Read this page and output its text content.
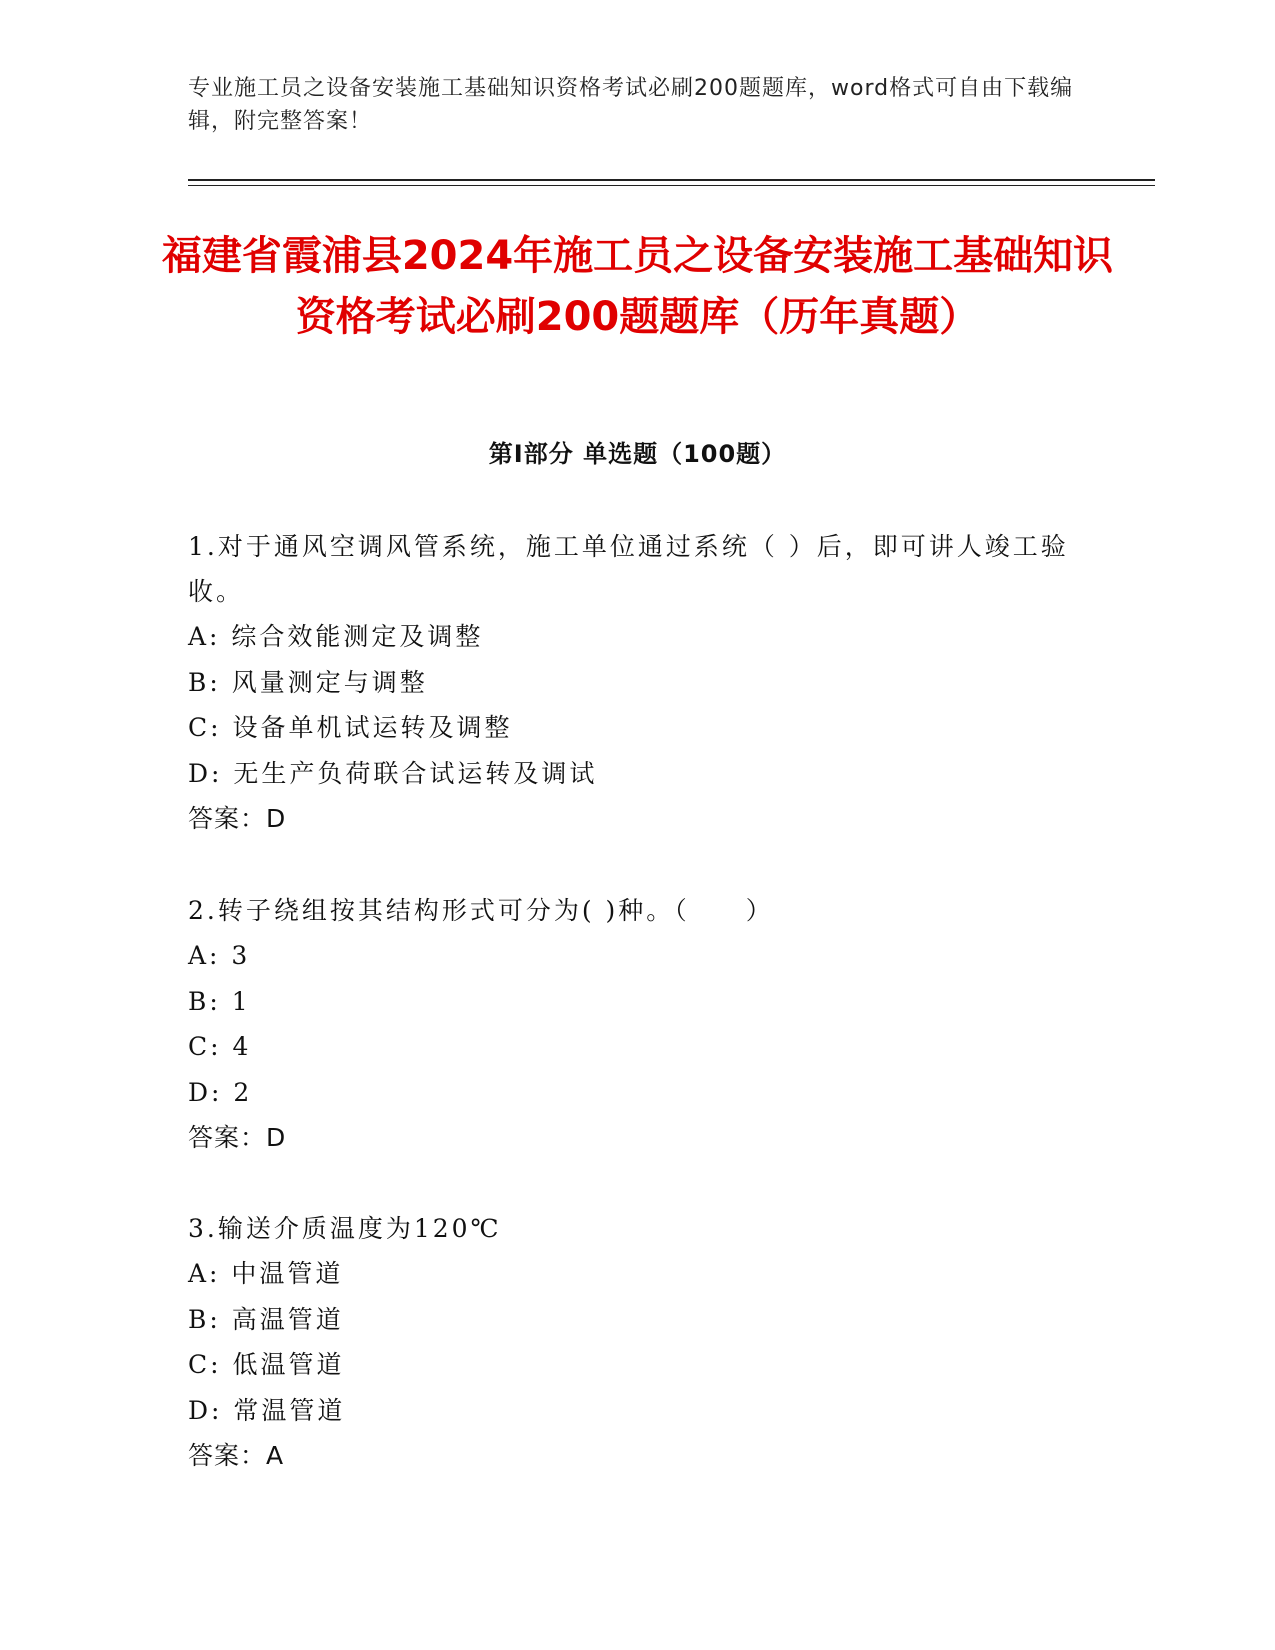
专业施工员之设备安装施工基础知识资格考试必刷200题题库，word格式可自由下载编辑，附完整答案！
福建省霞浦县2024年施工员之设备安装施工基础知识资格考试必刷200题题库（历年真题）
第Ⅰ部分 单选题（100题）
1.对于通风空调风管系统，施工单位通过系统（ ）后，即可讲人竣工验收。
A: 综合效能测定及调整
B: 风量测定与调整
C: 设备单机试运转及调整
D: 无生产负荷联合试运转及调试
答案：D
2.转子绕组按其结构形式可分为( )种。（　　）
A: 3
B: 1
C: 4
D: 2
答案：D
3.输送介质温度为120℃
A: 中温管道
B: 高温管道
C: 低温管道
D: 常温管道
答案：A
